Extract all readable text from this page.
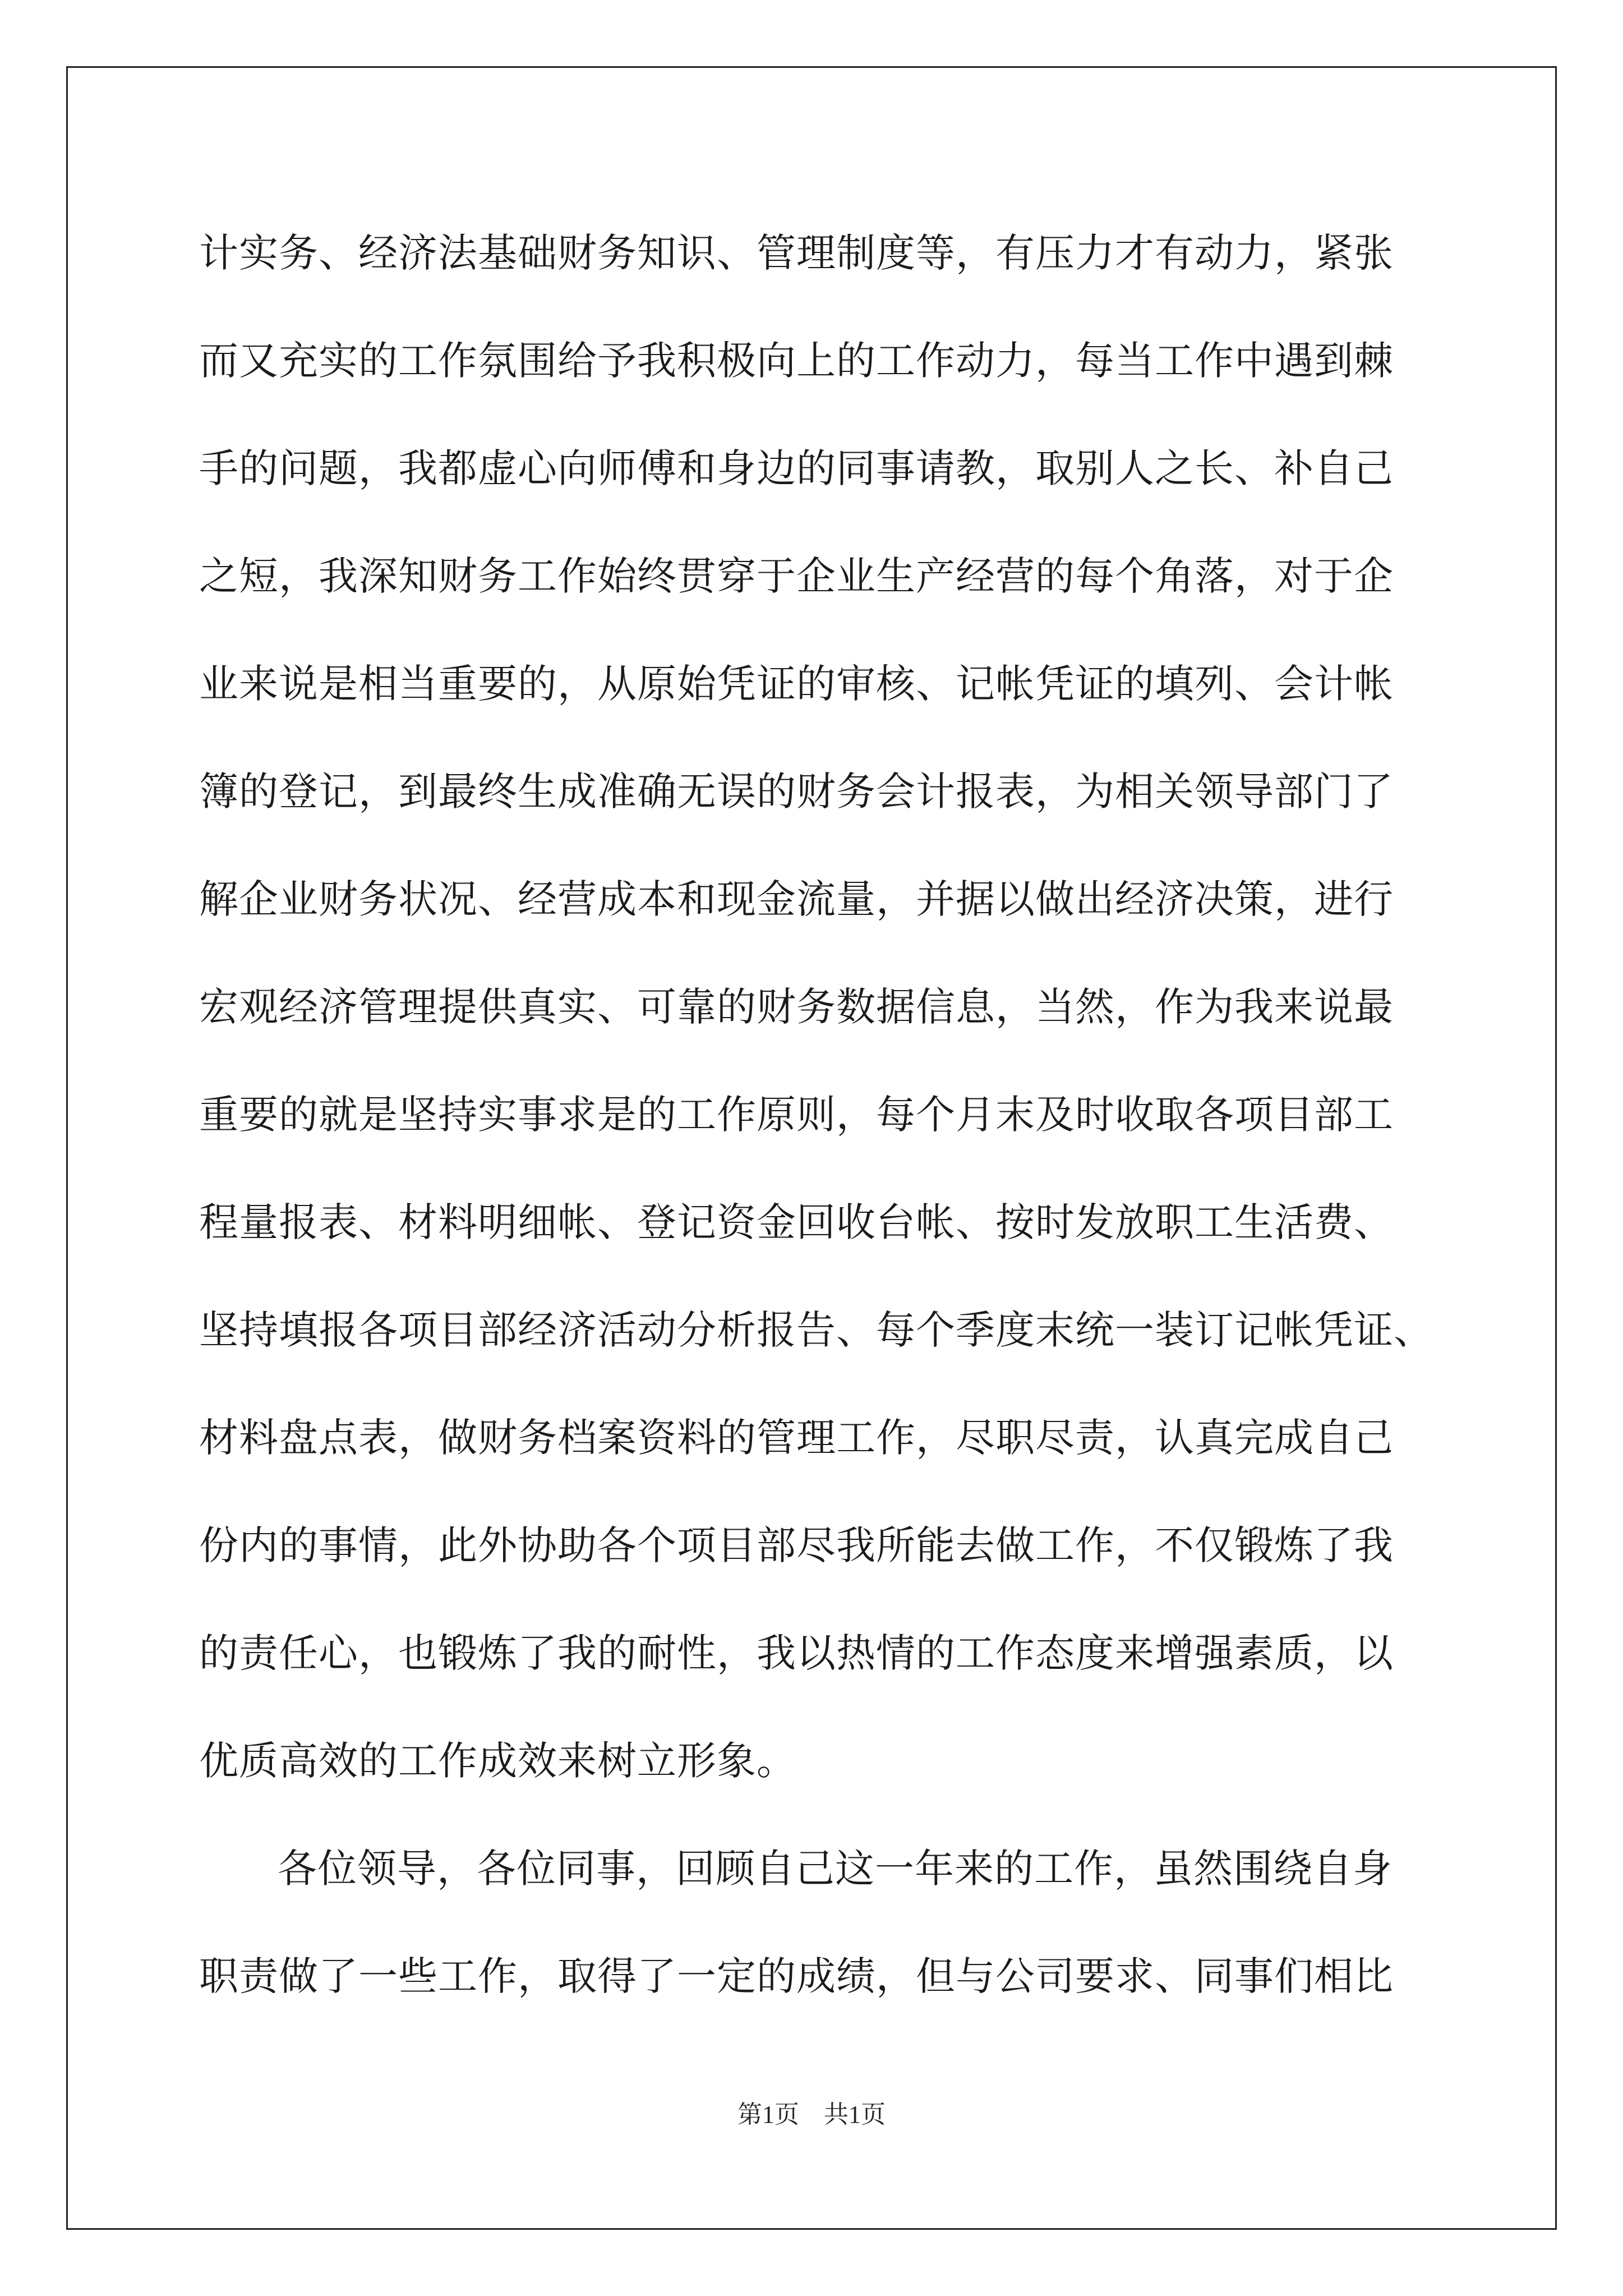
计实务、经济法基础财务知识、管理制度等，有压力才有动力，紧张
而又充实的工作氛围给予我积极向上的工作动力，每当工作中遇到棘
手的问题，我都虚心向师傅和身边的同事请教，取别人之长、补自己
之短，我深知财务工作始终贯穿于企业生产经营的每个角落，对于企
业来说是相当重要的，从原始凭证的审核、记帐凭证的填列、会计帐
簿的登记，到最终生成准确无误的财务会计报表，为相关领导部门了
解企业财务状况、经营成本和现金流量，并据以做出经济决策，进行
宏观经济管理提供真实、可靠的财务数据信息，当然，作为我来说最
重要的就是坚持实事求是的工作原则，每个月末及时收取各项目部工
程量报表、材料明细帐、登记资金回收台帐、按时发放职工生活费、
坚持填报各项目部经济活动分析报告、每个季度末统一装订记帐凭证、
材料盘点表，做财务档案资料的管理工作，尽职尽责，认真完成自己
份内的事情，此外协助各个项目部尽我所能去做工作，不仅锻炼了我
的责任心，也锻炼了我的耐性，我以热情的工作态度来增强素质，以
优质高效的工作成效来树立形象。
各位领导，各位同事，回顾自己这一年来的工作，虽然围绕自身
职责做了一些工作，取得了一定的成绩，但与公司要求、同事们相比
第1页　共1页
